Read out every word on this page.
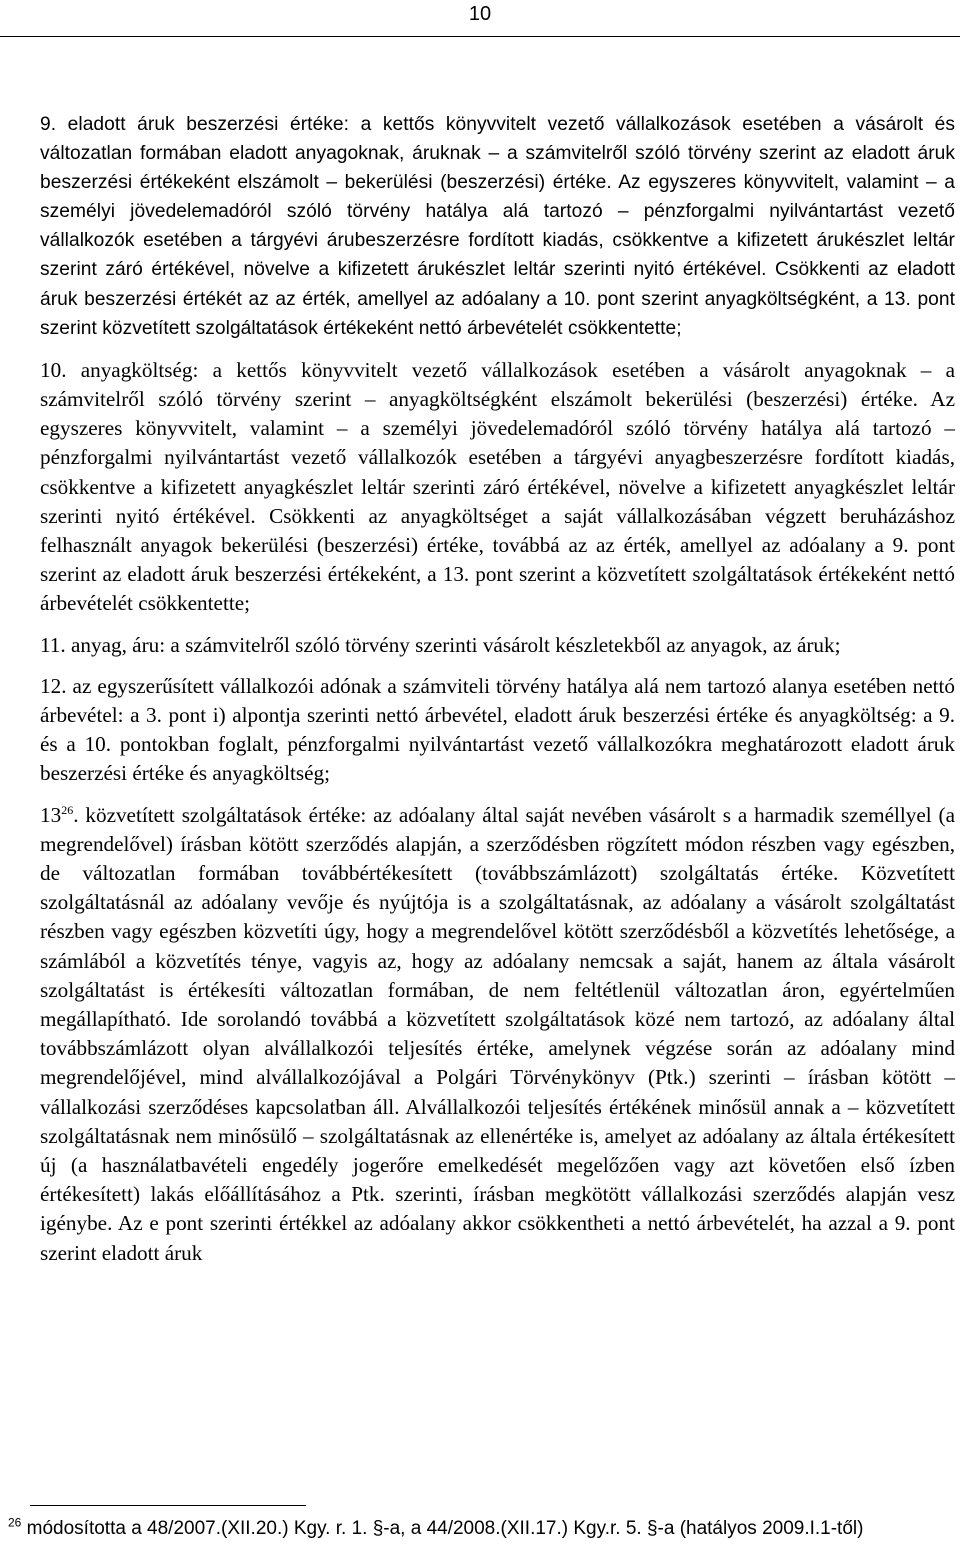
10

9. eladott áruk beszerzési értéke: a kettős könyvvitelt vezető vállalkozások esetében a vásárolt és változatlan formában eladott anyagoknak, áruknak – a számvitelről szóló törvény szerint az eladott áruk beszerzési értékeként elszámolt – bekerülési (beszerzési) értéke. Az egyszeres könyvvitelt, valamint – a személyi jövedelemadóról szóló törvény hatálya alá tartozó – pénzforgalmi nyilvántartást vezető vállalkozók esetében a tárgyévi árubeszerzésre fordított kiadás, csökkentve a kifizetett árukészlet leltár szerint záró értékével, növelve a kifizetett árukészlet leltár szerinti nyitó értékével. Csökkenti az eladott áruk beszerzési értékét az az érték, amellyel az adóalany a 10. pont szerint anyagköltségként, a 13. pont szerint közvetített szolgáltatások értékeként nettó árbevételét csökkentette;

10. anyagköltség: a kettős könyvvitelt vezető vállalkozások esetében a vásárolt anyagoknak – a számvitelről szóló törvény szerint – anyagköltségként elszámolt bekerülési (beszerzési) értéke. Az egyszeres könyvvitelt, valamint – a személyi jövedelemadóról szóló törvény hatálya alá tartozó – pénzforgalmi nyilvántartást vezető vállalkozók esetében a tárgyévi anyagbeszerzésre fordított kiadás, csökkentve a kifizetett anyagkészlet leltár szerinti záró értékével, növelve a kifizetett anyagkészlet leltár szerinti nyitó értékével. Csökkenti az anyagköltséget a saját vállalkozásában végzett beruházáshoz felhasznált anyagok bekerülési (beszerzési) értéke, továbbá az az érték, amellyel az adóalany a 9. pont szerint az eladott áruk beszerzési értékeként, a 13. pont szerint a közvetített szolgáltatások értékeként nettó árbevételét csökkentette;

11. anyag, áru: a számvitelről szóló törvény szerinti vásárolt készletekből az anyagok, az áruk;

12. az egyszerűsített vállalkozói adónak a számviteli törvény hatálya alá nem tartozó alanya esetében nettó árbevétel: a 3. pont i) alpontja szerinti nettó árbevétel, eladott áruk beszerzési értéke és anyagköltség: a 9. és a 10. pontokban foglalt, pénzforgalmi nyilvántartást vezető vállalkozókra meghatározott eladott áruk beszerzési értéke és anyagköltség;

$13^{26}$. közvetített szolgáltatások értéke: az adóalany által saját nevében vásárolt s a harmadik személlyel (a megrendelővel) írásban kötött szerződés alapján, a szerződésben rögzített módon részben vagy egészben, de változatlan formában továbbértékesített (továbbszámlázott) szolgáltatás értéke. Közvetített szolgáltatásnál az adóalany vevője és nyújtója is a szolgáltatásnak, az adóalany a vásárolt szolgáltatást részben vagy egészben közvetíti úgy, hogy a megrendelővel kötött szerződésből a közvetítés lehetősége, a számlából a közvetítés ténye, vagyis az, hogy az adóalany nemcsak a saját, hanem az általa vásárolt szolgáltatást is értékesíti változatlan formában, de nem feltétlenül változatlan áron, egyértelműen megállapítható. Ide sorolandó továbbá a közvetített szolgáltatások közé nem tartozó, az adóalany által továbbszámlázott olyan alvállalkozói teljesítés értéke, amelynek végzése során az adóalany mind megrendelőjével, mind alvállalkozójával a Polgári Törvénykönyv (Ptk.) szerinti – írásban kötött – vállalkozási szerződéses kapcsolatban áll. Alvállalkozói teljesítés értékének minősül annak a – közvetített szolgáltatásnak nem minősülő – szolgáltatásnak az ellenértéke is, amelyet az adóalany az általa értékesített új (a használatbavételi engedély jogerőre emelkedését megelőzően vagy azt követően első ízben értékesített) lakás előállításához a Ptk. szerinti, írásban megkötött vállalkozási szerződés alapján vesz igénybe. Az e pont szerinti értékkel az adóalany akkor csökkentheti a nettó árbevételét, ha azzal a 9. pont szerint eladott áruk

$^{26}$ módosította a 48/2007.(XII.20.) Kgy. r. 1. §-a, a 44/2008.(XII.17.) Kgy.r. 5. §-a (hatályos 2009.I.1-től)
